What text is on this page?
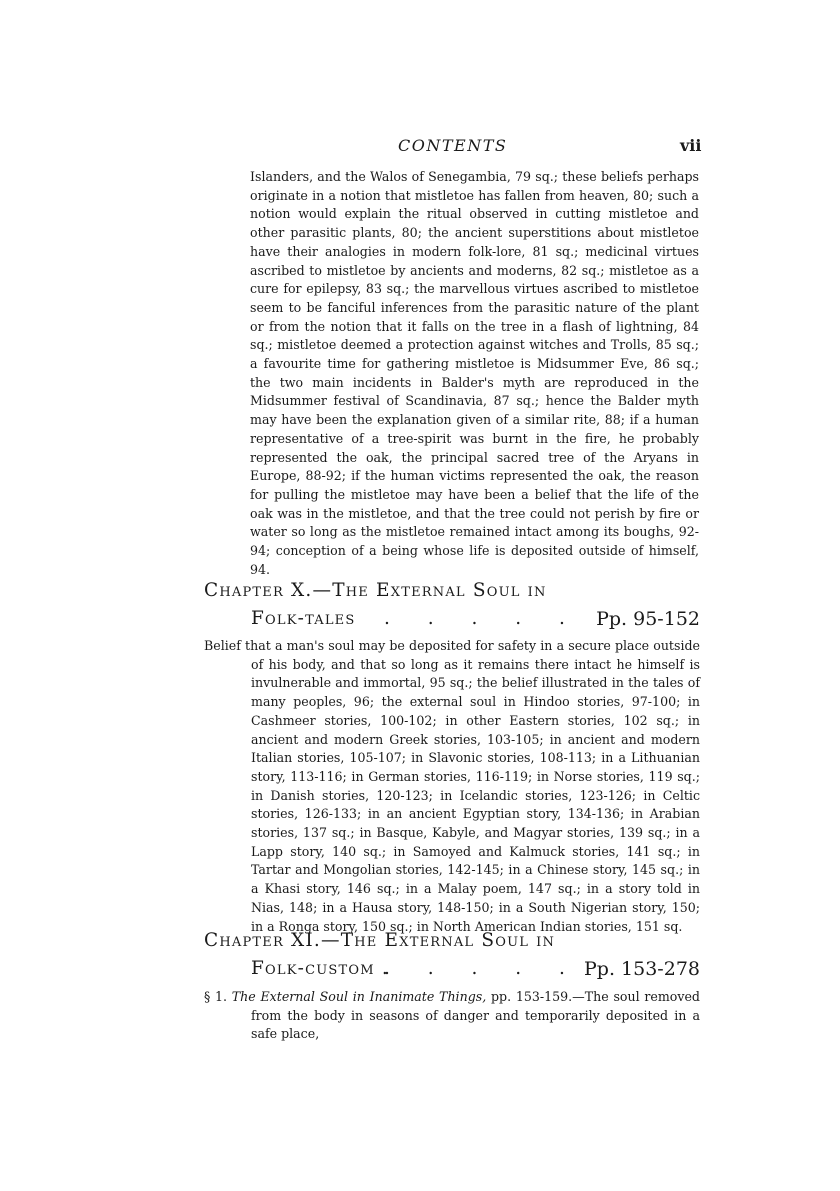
CONTENTS	vii

Islanders, and the Walos of Senegambia, 79 sq.; these beliefs perhaps originate in a notion that mistletoe has fallen from heaven, 80; such a notion would explain the ritual observed in cutting mistletoe and other parasitic plants, 80; the ancient superstitions about mistletoe have their analogies in modern folk-lore, 81 sq.; medicinal virtues ascribed to mistletoe by ancients and moderns, 82 sq.; mistletoe as a cure for epilepsy, 83 sq.; the marvellous virtues ascribed to mistletoe seem to be fanciful inferences from the parasitic nature of the plant or from the notion that it falls on the tree in a flash of lightning, 84 sq.; mistletoe deemed a protection against witches and Trolls, 85 sq.; a favourite time for gathering mistletoe is Midsummer Eve, 86 sq.; the two main incidents in Balder's myth are reproduced in the Midsummer festival of Scandinavia, 87 sq.; hence the Balder myth may have been the explanation given of a similar rite, 88; if a human representative of a tree-spirit was burnt in the fire, he probably represented the oak, the principal sacred tree of the Aryans in Europe, 88-92; if the human victims represented the oak, the reason for pulling the mistletoe may have been a belief that the life of the oak was in the mistletoe, and that the tree could not perish by fire or water so long as the mistletoe remained intact among its boughs, 92-94; conception of a being whose life is deposited outside of himself, 94.

Chapter X.—The External Soul in
Folk-tales . . . . . Pp. 95-152

Belief that a man's soul may be deposited for safety in a secure place outside of his body, and that so long as it remains there intact he himself is invulnerable and immortal, 95 sq.; the belief illustrated in the tales of many peoples, 96; the external soul in Hindoo stories, 97-100; in Cashmeer stories, 100-102; in other Eastern stories, 102 sq.; in ancient and modern Greek stories, 103-105; in ancient and modern Italian stories, 105-107; in Slavonic stories, 108-113; in a Lithuanian story, 113-116; in German stories, 116-119; in Norse stories, 119 sq.; in Danish stories, 120-123; in Icelandic stories, 123-126; in Celtic stories, 126-133; in an ancient Egyptian story, 134-136; in Arabian stories, 137 sq.; in Basque, Kabyle, and Magyar stories, 139 sq.; in a Lapp story, 140 sq.; in Samoyed and Kalmuck stories, 141 sq.; in Tartar and Mongolian stories, 142-145; in a Chinese story, 145 sq.; in a Khasi story, 146 sq.; in a Malay poem, 147 sq.; in a story told in Nias, 148; in a Hausa story, 148-150; in a South Nigerian story, 150; in a Ronga story, 150 sq.; in North American Indian stories, 151 sq.

Chapter XI.—The External Soul in
Folk-custom .
. . . . . Pp. 153-278

§ 1. The External Soul in Inanimate Things, pp. 153-159.—The soul removed from the body in seasons of danger and temporarily deposited in a safe place,
